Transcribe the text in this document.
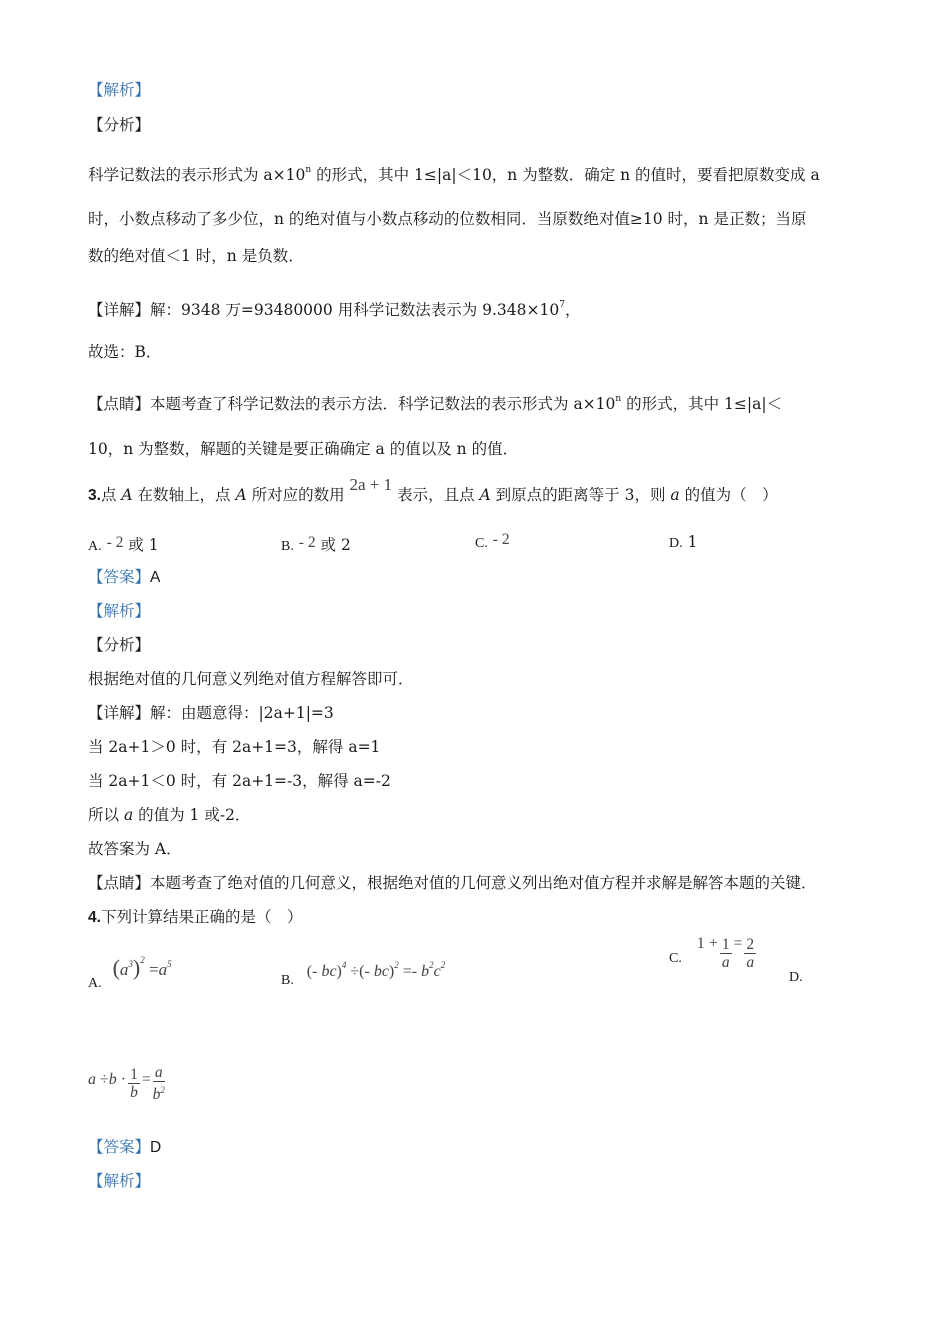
【解析】
【分析】
科学记数法的表示形式为 $a\times 10^n$ 的形式，其中 1≤|a|＜10，n 为整数．确定 n 的值时，要看把原数变成 a
时，小数点移动了多少位，n 的绝对值与小数点移动的位数相同．当原数绝对值≥10 时，n 是正数；当原
数的绝对值＜1 时，n 是负数．
【详解】解：9348 万=93480000 用科学记数法表示为 $9.348\times 10^7$，
故选：B．
【点睛】本题考查了科学记数法的表示方法．科学记数法的表示形式为 $a\times 10^n$ 的形式，其中 1≤|a|＜
10，n 为整数，解题的关键是要正确确定 a 的值以及 n 的值．
3.点 A 在数轴上，点 A 所对应的数用 2a + 1 表示，且点 A 到原点的距离等于 3，则 a 的值为（　）
A. - 2 或 1	B. - 2 或 2	C. - 2	D. 1
【答案】A
【解析】
【分析】
根据绝对值的几何意义列绝对值方程解答即可．
【详解】解：由题意得：|2a+1|=3
当 2a+1＞0 时，有 2a+1=3，解得 a=1
当 2a+1＜0 时，有 2a+1=-3，解得 a=-2
所以 a 的值为 1 或-2．
故答案为 A．
【点睛】本题考查了绝对值的几何意义，根据绝对值的几何意义列出绝对值方程并求解是解答本题的关键．
4.下列计算结果正确的是（　）
A. $(a^3)^2 =a^5$
B. (- bc)$^4$ ÷(- $bc)^2 =- b^2c^2$	C. $1 + \frac{1}{a} = \frac{2}{a}$
D.
$a \div b \cdot \frac{1}{b} = \frac{a}{b^2}$
【答案】D
【解析】
